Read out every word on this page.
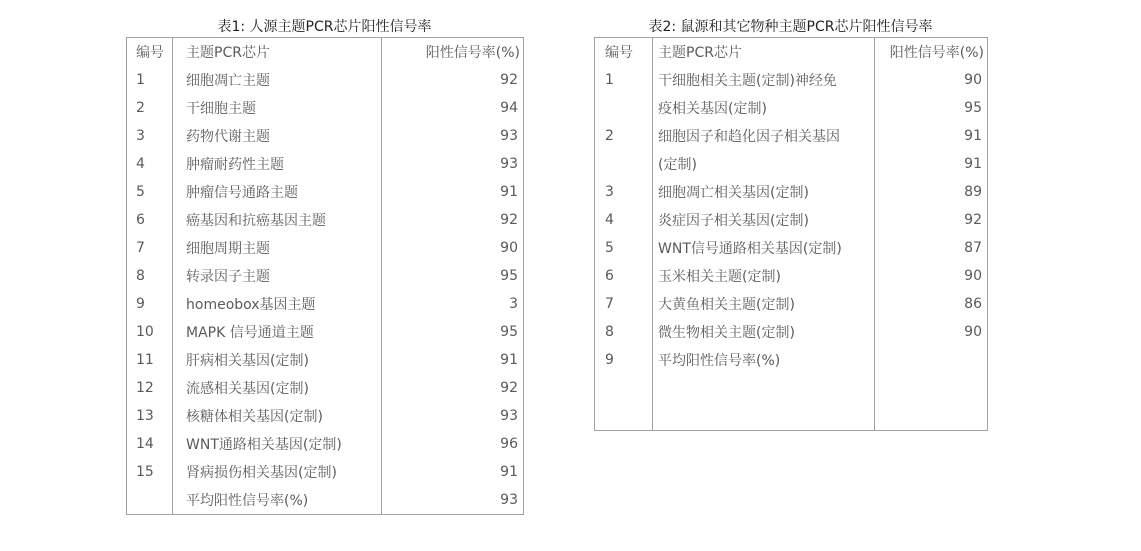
表1: 人源主题PCR芯片阳性信号率
编号	主题PCR芯片	阳性信号率(%)
1	细胞凋亡主题	92
2	干细胞主题	94
3	药物代谢主题	93
4	肿瘤耐药性主题	93
5	肿瘤信号通路主题	91
6	癌基因和抗癌基因主题	92
7	细胞周期主题	90
8	转录因子主题	95
9	homeobox基因主题	3
10	MAPK 信号通道主题	95
11	肝病相关基因(定制)	91
12	流感相关基因(定制)	92
13	核糖体相关基因(定制)	93
14	WNT通路相关基因(定制)	96
15	肾病损伤相关基因(定制)	91
	平均阳性信号率(%)	93
表2: 鼠源和其它物种主题PCR芯片阳性信号率
编号	主题PCR芯片	阳性信号率(%)
1	干细胞相关主题(定制)神经免	90
	疫相关基因(定制)	95
2	细胞因子和趋化因子相关基因	91
	(定制)	91
3	细胞凋亡相关基因(定制)	89
4	炎症因子相关基因(定制)	92
5	WNT信号通路相关基因(定制)	87
6	玉米相关主题(定制)	90
7	大黄鱼相关主题(定制)	86
8	微生物相关主题(定制)	90
9	平均阳性信号率(%)	
